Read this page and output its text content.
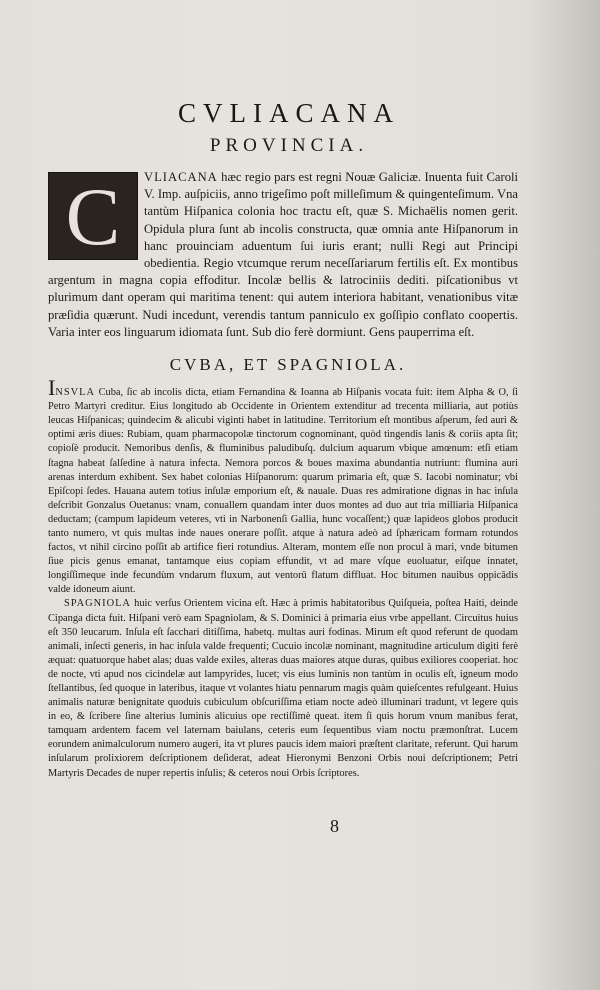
CVLIACANA
PROVINCIA.

C	VLIACANA hæc regio pars est regni Nouæ Galiciæ. Inuenta fuit Caroli V. Imp. auſpiciis, anno trigeſimo poſt milleſimum & quingenteſimum. Vna tantùm Hiſpanica colonia hoc tractu eſt, quæ S. Michaëlis nomen gerit. Opidula plura ſunt ab incolis constructa, quæ omnia ante Hiſpanorum in hanc prouinciam aduentum ſui iuris erant; nulli Regi aut Principi obedientia. Regio vtcumque rerum neceſſariarum fertilis eſt. Ex montibus argentum in magna copia effoditur. Incolæ bellis & latrociniis dediti. piſcationibus vt plurimum dant operam qui maritima tenent: qui autem interiora habitant, venationibus vitæ præſidia quærunt. Nudi incedunt, verendis tantum panniculo ex goſſipio conflato coopertis. Varia inter eos linguarum idiomata ſunt. Sub dio ferè dormiunt. Gens pauperrima eſt.

CVBA, ET SPAGNIOLA.

INSVLA Cuba, ſic ab incolis dicta, etiam Fernandina & Ioanna ab Hiſpanis vocata fuit: item Alpha & O, ſi Petro Martyri creditur. Eius longitudo ab Occidente in Orientem extenditur ad trecenta milliaria, aut potiùs leucas Hiſpanicas; quindecim & alicubi viginti habet in latitudine. Territorium eſt montibus aſperum, ſed auri & optimi æris diues: Rubiam, quam pharmacopolæ tinctorum cognominant, quòd tingendis lanis & coriis apta ſit; copioſè producit. Nemoribus denſis, & fluminibus paludibuſq. dulcium aquarum vbique amœnum: etſi etiam ſtagna habeat ſalſedine à natura infecta. Nemora porcos & boues maxima abundantia nutriunt: flumina auri arenas interdum exhibent. Sex habet colonias Hiſpanorum: quarum primaria eſt, quæ S. Iacobi nominatur; vbi Epiſcopi ſedes. Hauana autem totius inſulæ emporium eſt, & nauale. Duas res admiratione dignas in hac inſula deſcribit Gonzalus Ouetanus: vnam, conuallem quandam inter duos montes ad duo aut tria milliaria Hiſpanica deductam; (campum lapideum veteres, vti in Narbonenſi Gallia, hunc vocaſſent;) quæ lapideos globos producit tanto numero, vt quis multas inde naues onerare poſſit. atque à natura adeò ad ſphæricam formam rotundos factos, vt nihil circino poſſit ab artifice fieri rotundius. Alteram, montem eſſe non procul à mari, vnde bitumen ſiue picis genus emanat, tantamque eius copiam effundit, vt ad mare vſque euoluatur, eiſque innatet, longiſſimeque inde fecundùm vndarum fluxum, aut ventorū flatum diffluat. Hoc bitumen nauibus oppicādis valde idoneum aiunt.

SPAGNIOLA huic verſus Orientem vicina eſt. Hæc à primis habitatoribus Quiſqueia, poſtea Haiti, deinde Cipanga dicta fuit. Hiſpani verò eam Spagniolam, & S. Dominici à primaria eius vrbe appellant. Circuitus huius eſt 350 leucarum. Inſula eſt ſacchari ditiſſima, habetq. multas auri fodinas. Mirum eſt quod referunt de quodam animali, inſecti generis, in hac inſula valde frequenti; Cucuio incolæ nominant, magnitudine articulum digiti ferè æquat: quatuorque habet alas; duas valde exiles, alteras duas maiores atque duras, quibus exiliores cooperiat. hoc de nocte, vti apud nos cicindelæ aut lampyrides, lucet; vis eius luminis non tantùm in oculis eſt, igneum modo ſtellantibus, ſed quoque in lateribus, itaque vt volantes hiatu pennarum magis quàm quieſcentes refulgeant. Huius animalis naturæ benignitate quoduis cubiculum obſcuriſſima etiam nocte adeò illuminari tradunt, vt legere quis in eo, & ſcribere ſine alterius luminis alicuius ope rectiſſimè queat. item ſi quis horum vnum manibus ferat, tamquam ardentem facem vel laternam baiulans, ceteris eum ſequentibus viam noctu præmonſtrat. Lucem eorundem animalculorum numero augeri, ita vt plures paucis idem maiori præſtent claritate, referunt. Qui harum inſularum prolixiorem deſcriptionem deſiderat, adeat Hieronymi Benzoni Orbis noui deſcriptionem; Petri Martyris Decades de nuper repertis inſulis; & ceteros noui Orbis ſcriptores.

8
